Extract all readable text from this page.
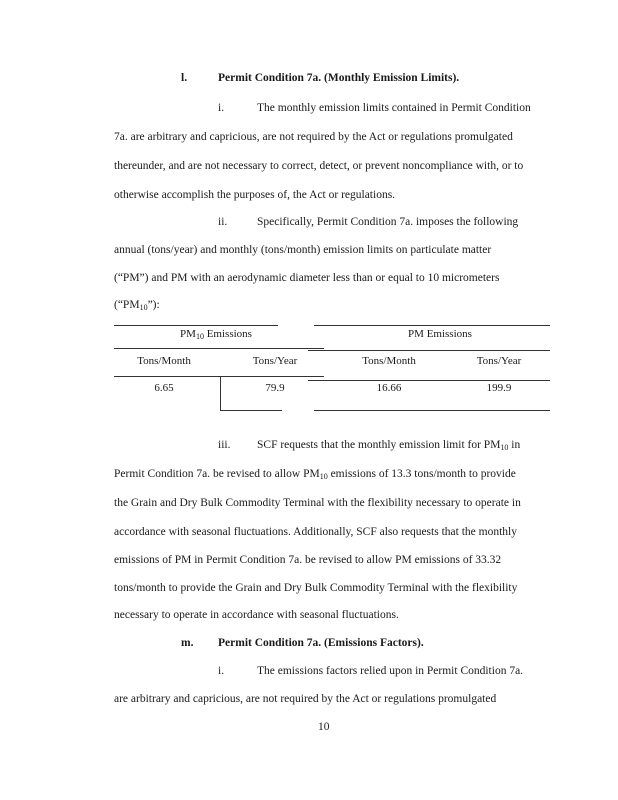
l.	Permit Condition 7a. (Monthly Emission Limits).
i.	The monthly emission limits contained in Permit Condition
7a. are arbitrary and capricious, are not required by the Act or regulations promulgated
thereunder, and are not necessary to correct, detect, or prevent noncompliance with, or to
otherwise accomplish the purposes of, the Act or regulations.
ii.	Specifically, Permit Condition 7a. imposes the following
annual (tons/year) and monthly (tons/month) emission limits on particulate matter
(“PM”) and PM with an aerodynamic diameter less than or equal to 10 micrometers
$(“PM_{10}”)$:
$PM_{10}$ Emissions	PM Emissions
Tons/Month	Tons/Year	Tons/Month	Tons/Year
6.65	79.9	16.66	199.9
iii. SCF requests that the monthly emission limit for $PM_{10}$ in
Permit Condition 7a. be revised to allow $PM_{10}$ emissions of 13.3 tons/month to provide
the Grain and Dry Bulk Commodity Terminal with the flexibility necessary to operate in
accordance with seasonal fluctuations. Additionally, SCF also requests that the monthly
emissions of PM in Permit Condition 7a. be revised to allow PM emissions of 33.32
tons/month to provide the Grain and Dry Bulk Commodity Terminal with the flexibility
necessary to operate in accordance with seasonal fluctuations.
m. Permit Condition 7a. (Emissions Factors).
i.	The emissions factors relied upon in Permit Condition 7a.
are arbitrary and capricious, are not required by the Act or regulations promulgated
10
